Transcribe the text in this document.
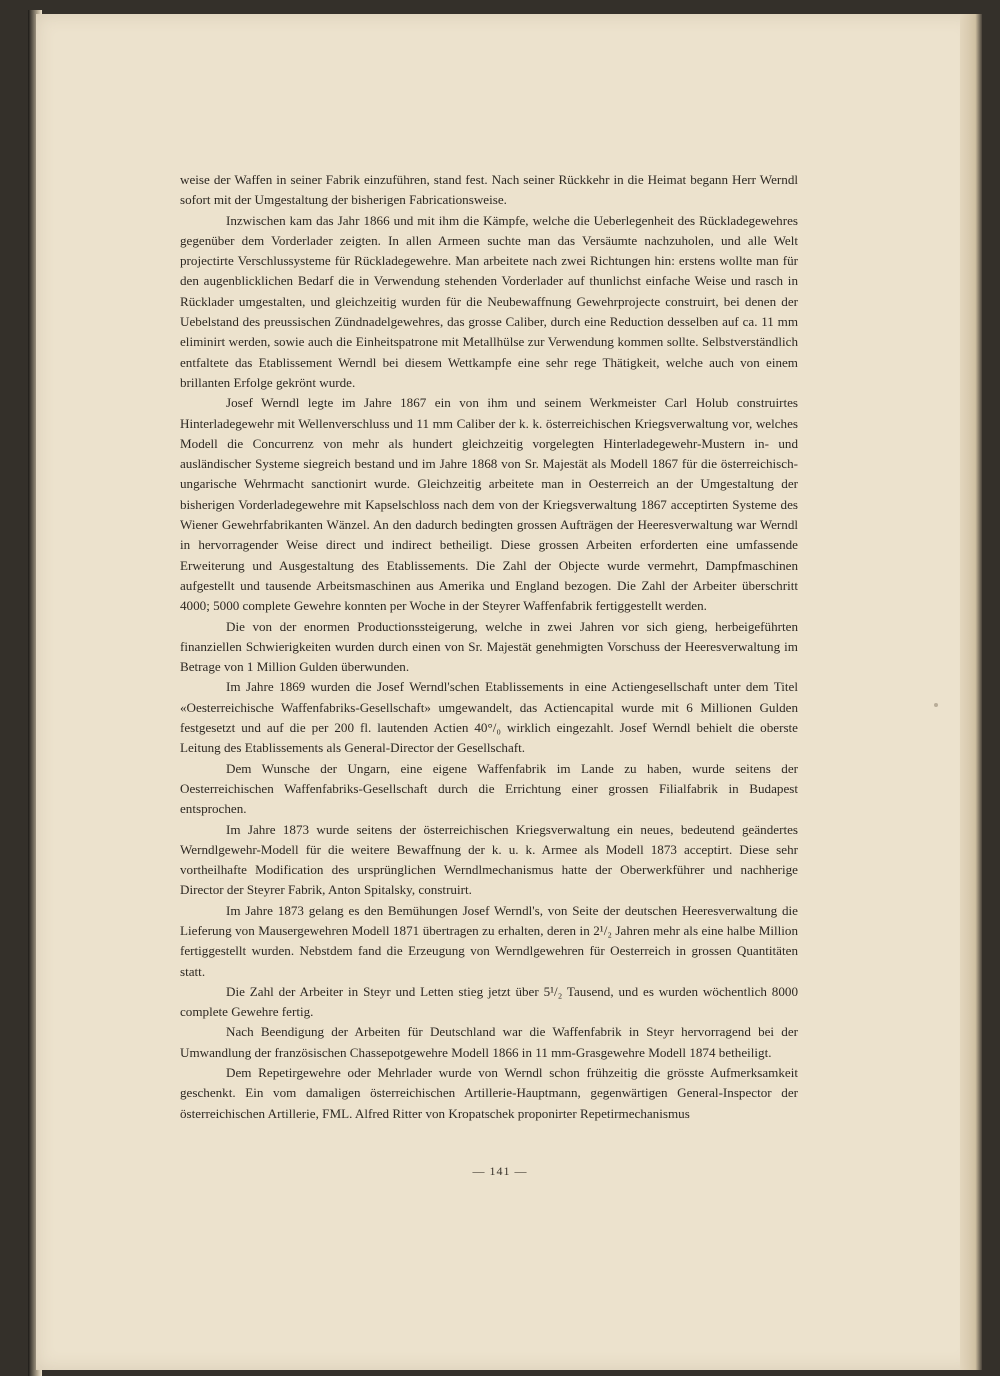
weise der Waffen in seiner Fabrik einzuführen, stand fest. Nach seiner Rückkehr in die Heimat begann Herr Werndl sofort mit der Umgestaltung der bisherigen Fabricationsweise.

Inzwischen kam das Jahr 1866 und mit ihm die Kämpfe, welche die Ueberlegenheit des Rückladegewehres gegenüber dem Vorderlader zeigten. In allen Armeen suchte man das Versäumte nachzuholen, und alle Welt projectirte Verschlussysteme für Rückladegewehre. Man arbeitete nach zwei Richtungen hin: erstens wollte man für den augenblicklichen Bedarf die in Verwendung stehenden Vorderlader auf thunlichst einfache Weise und rasch in Rücklader umgestalten, und gleichzeitig wurden für die Neubewaffnung Gewehrprojecte construirt, bei denen der Uebelstand des preussischen Zündnadelgewehres, das grosse Caliber, durch eine Reduction desselben auf ca. 11 mm eliminirt werden, sowie auch die Einheitspatrone mit Metallhülse zur Verwendung kommen sollte. Selbstverständlich entfaltete das Etablissement Werndl bei diesem Wettkampfe eine sehr rege Thätigkeit, welche auch von einem brillanten Erfolge gekrönt wurde.

Josef Werndl legte im Jahre 1867 ein von ihm und seinem Werkmeister Carl Holub construirtes Hinterladegewehr mit Wellenverschluss und 11 mm Caliber der k. k. österreichischen Kriegsverwaltung vor, welches Modell die Concurrenz von mehr als hundert gleichzeitig vorgelegten Hinterladegewehr-Mustern in- und ausländischer Systeme siegreich bestand und im Jahre 1868 von Sr. Majestät als Modell 1867 für die österreichisch-ungarische Wehrmacht sanctionirt wurde. Gleichzeitig arbeitete man in Oesterreich an der Umgestaltung der bisherigen Vorderladegewehre mit Kapselschloss nach dem von der Kriegsverwaltung 1867 acceptirten Systeme des Wiener Gewehrfabrikanten Wänzel. An den dadurch bedingten grossen Aufträgen der Heeresverwaltung war Werndl in hervorragender Weise direct und indirect betheiligt. Diese grossen Arbeiten erforderten eine umfassende Erweiterung und Ausgestaltung des Etablissements. Die Zahl der Objecte wurde vermehrt, Dampfmaschinen aufgestellt und tausende Arbeitsmaschinen aus Amerika und England bezogen. Die Zahl der Arbeiter überschritt 4000; 5000 complete Gewehre konnten per Woche in der Steyrer Waffenfabrik fertiggestellt werden.

Die von der enormen Productionssteigerung, welche in zwei Jahren vor sich gieng, herbeigeführten finanziellen Schwierigkeiten wurden durch einen von Sr. Majestät genehmigten Vorschuss der Heeresverwaltung im Betrage von 1 Million Gulden überwunden.

Im Jahre 1869 wurden die Josef Werndl'schen Etablissements in eine Actiengesellschaft unter dem Titel «Oesterreichische Waffenfabriks-Gesellschaft» umgewandelt, das Actiencapital wurde mit 6 Millionen Gulden festgesetzt und auf die per 200 fl. lautenden Actien 40°/₀ wirklich eingezahlt. Josef Werndl behielt die oberste Leitung des Etablissements als General-Director der Gesellschaft.

Dem Wunsche der Ungarn, eine eigene Waffenfabrik im Lande zu haben, wurde seitens der Oesterreichischen Waffenfabriks-Gesellschaft durch die Errichtung einer grossen Filialfabrik in Budapest entsprochen.

Im Jahre 1873 wurde seitens der österreichischen Kriegsverwaltung ein neues, bedeutend geändertes Werndlgewehr-Modell für die weitere Bewaffnung der k. u. k. Armee als Modell 1873 acceptirt. Diese sehr vortheilhafte Modification des ursprünglichen Werndlmechanismus hatte der Oberwerkführer und nachherige Director der Steyrer Fabrik, Anton Spitalsky, construirt.

Im Jahre 1873 gelang es den Bemühungen Josef Werndl's, von Seite der deutschen Heeresverwaltung die Lieferung von Mausergewehren Modell 1871 übertragen zu erhalten, deren in 2¹/₂ Jahren mehr als eine halbe Million fertiggestellt wurden. Nebstdem fand die Erzeugung von Werndlgewehren für Oesterreich in grossen Quantitäten statt.

Die Zahl der Arbeiter in Steyr und Letten stieg jetzt über 5¹/₂ Tausend, und es wurden wöchentlich 8000 complete Gewehre fertig.

Nach Beendigung der Arbeiten für Deutschland war die Waffenfabrik in Steyr hervorragend bei der Umwandlung der französischen Chassepotgewehre Modell 1866 in 11 mm-Grasgewehre Modell 1874 betheiligt.

Dem Repetirgewehre oder Mehrlader wurde von Werndl schon frühzeitig die grösste Aufmerksamkeit geschenkt. Ein vom damaligen österreichischen Artillerie-Hauptmann, gegenwärtigen General-Inspector der österreichischen Artillerie, FML. Alfred Ritter von Kropatschek proponirter Repetirmechanismus

— 141 —
